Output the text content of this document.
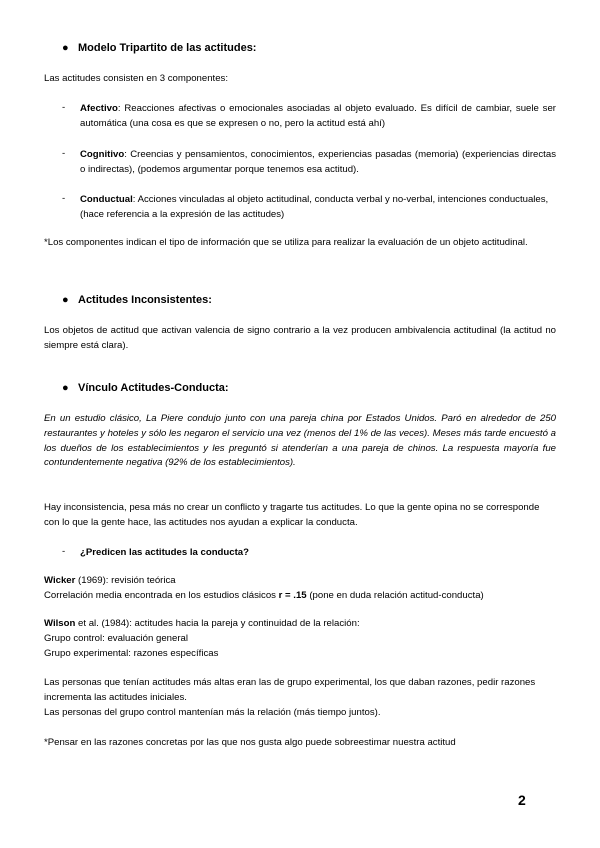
● Modelo Tripartito de las actitudes:
Las actitudes consisten en 3 componentes:
- Afectivo: Reacciones afectivas o emocionales asociadas al objeto evaluado. Es difícil de cambiar, suele ser automática (una cosa es que se expresen o no, pero la actitud está ahí)
- Cognitivo: Creencias y pensamientos, conocimientos, experiencias pasadas (memoria) (experiencias directas o indirectas), (podemos argumentar porque tenemos esa actitud).
- Conductual: Acciones vinculadas al objeto actitudinal, conducta verbal y no-verbal, intenciones conductuales, (hace referencia a la expresión de las actitudes)
*Los componentes indican el tipo de información que se utiliza para realizar la evaluación de un objeto actitudinal.
● Actitudes Inconsistentes:
Los objetos de actitud que activan valencia de signo contrario a la vez producen ambivalencia actitudinal (la actitud no siempre está clara).
● Vínculo Actitudes-Conducta:
En un estudio clásico, La Piere condujo junto con una pareja china por Estados Unidos. Paró en alrededor de 250 restaurantes y hoteles y sólo les negaron el servicio una vez (menos del 1% de las veces). Meses más tarde encuestó a los dueños de los establecimientos y les preguntó si atenderían a una pareja de chinos. La respuesta mayoría fue contundentemente negativa (92% de los establecimientos).
Hay inconsistencia, pesa más no crear un conflicto y tragarte tus actitudes. Lo que la gente opina no se corresponde con lo que la gente hace, las actitudes nos ayudan a explicar la conducta.
- ¿Predicen las actitudes la conducta?
Wicker (1969): revisión teórica
Correlación media encontrada en los estudios clásicos r = .15 (pone en duda relación actitud-conducta)
Wilson et al. (1984): actitudes hacia la pareja y continuidad de la relación:
Grupo control: evaluación general
Grupo experimental: razones específicas
Las personas que tenían actitudes más altas eran las de grupo experimental, los que daban razones, pedir razones incrementa las actitudes iniciales.
Las personas del grupo control mantenían más la relación (más tiempo juntos).
*Pensar en las razones concretas por las que nos gusta algo puede sobreestimar nuestra actitud
2
